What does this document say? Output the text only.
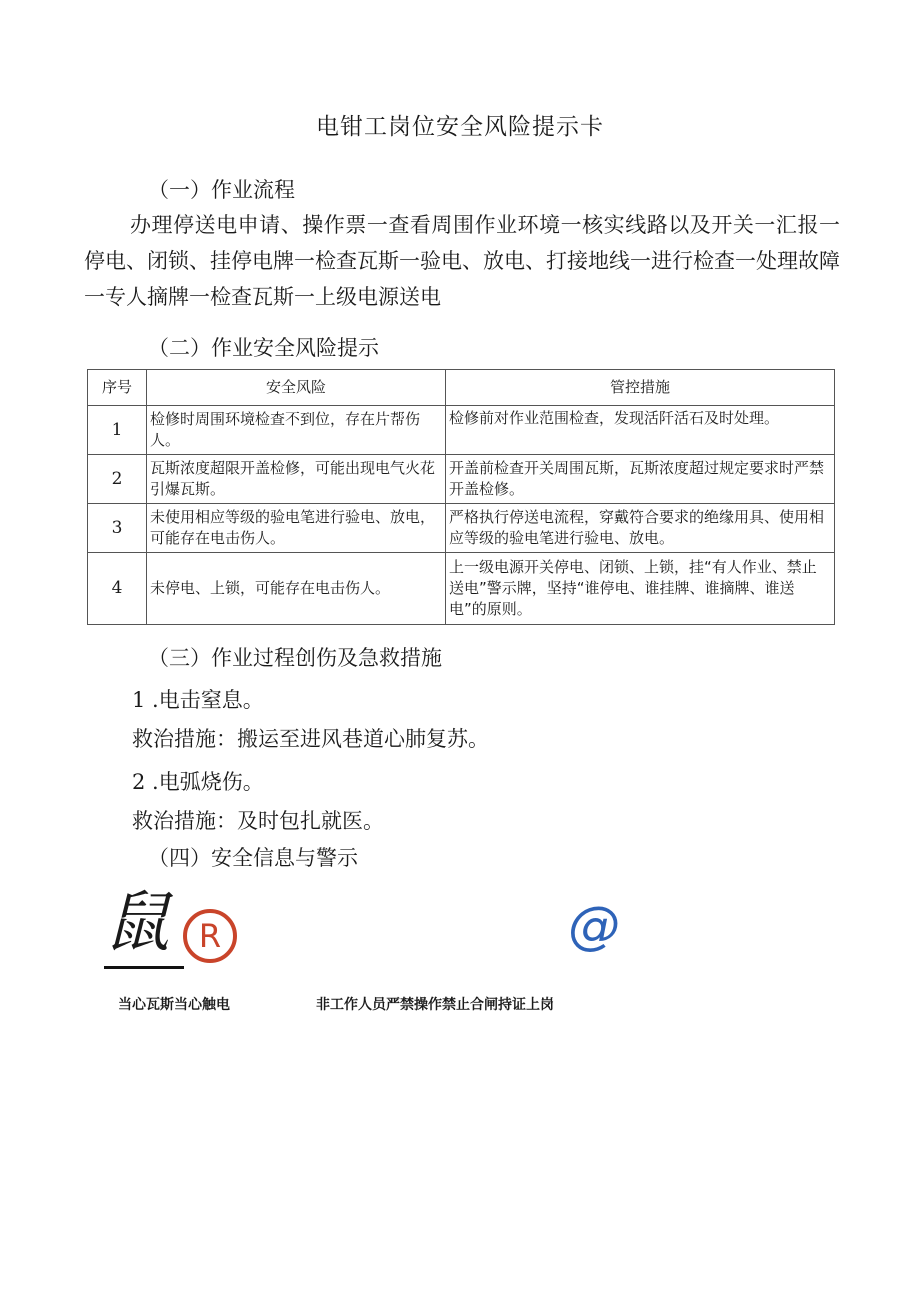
电钳工岗位安全风险提示卡
（一）作业流程
办理停送电申请、操作票一查看周围作业环境一核实线路以及开关一汇报一停电、闭锁、挂停电牌一检查瓦斯一验电、放电、打接地线一进行检查一处理故障一专人摘牌一检查瓦斯一上级电源送电
（二）作业安全风险提示
序号	安全风险	管控措施
1	检修时周围环境检查不到位，存在片帮伤人。	检修前对作业范围检查，发现活阡活石及时处理。
2	瓦斯浓度超限开盖检修，可能出现电气火花引爆瓦斯。	开盖前检查开关周围瓦斯，瓦斯浓度超过规定要求时严禁开盖检修。
3	未使用相应等级的验电笔进行验电、放电，可能存在电击伤人。	严格执行停送电流程，穿戴符合要求的绝缘用具、使用相应等级的验电笔进行验电、放电。
4	未停电、上锁，可能存在电击伤人。	上一级电源开关停电、闭锁、上锁，挂“有人作业、禁止送电”警示牌，坚持“谁停电、谁挂牌、谁摘牌、谁送电”的原则。
（三）作业过程创伤及急救措施
1 .电击窒息。
救治措施：搬运至进风巷道心肺复苏。
2 .电弧烧伤。
救治措施：及时包扎就医。
（四）安全信息与警示
鼠 R	@
当心瓦斯当心触电	非工作人员严禁操作禁止合闸持证上岗
